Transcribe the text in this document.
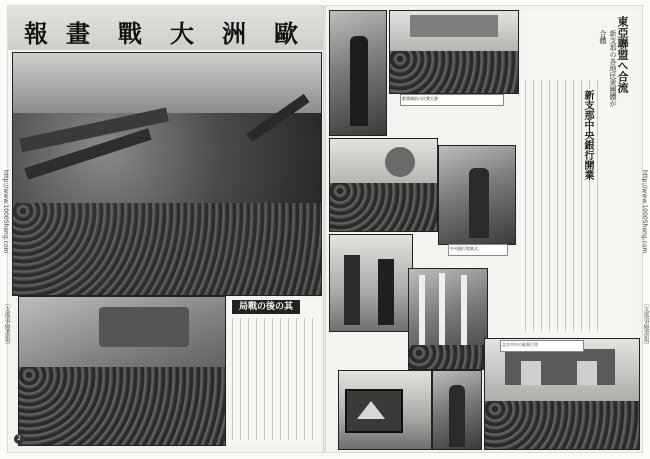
歐
洲
大
戰
畫
報
局戰の後の其
2
紫禁城前の民衆大會
東亞聯盟へ合流
新支那の各地民衆團體が合體
新支那中央銀行開業
中央銀行開業式
北京市中の祝賀行列
http://www.1000Sheng.com
〔支那事變畫報〕
http://www.1000Sheng.com
〔支那事變畫報〕
